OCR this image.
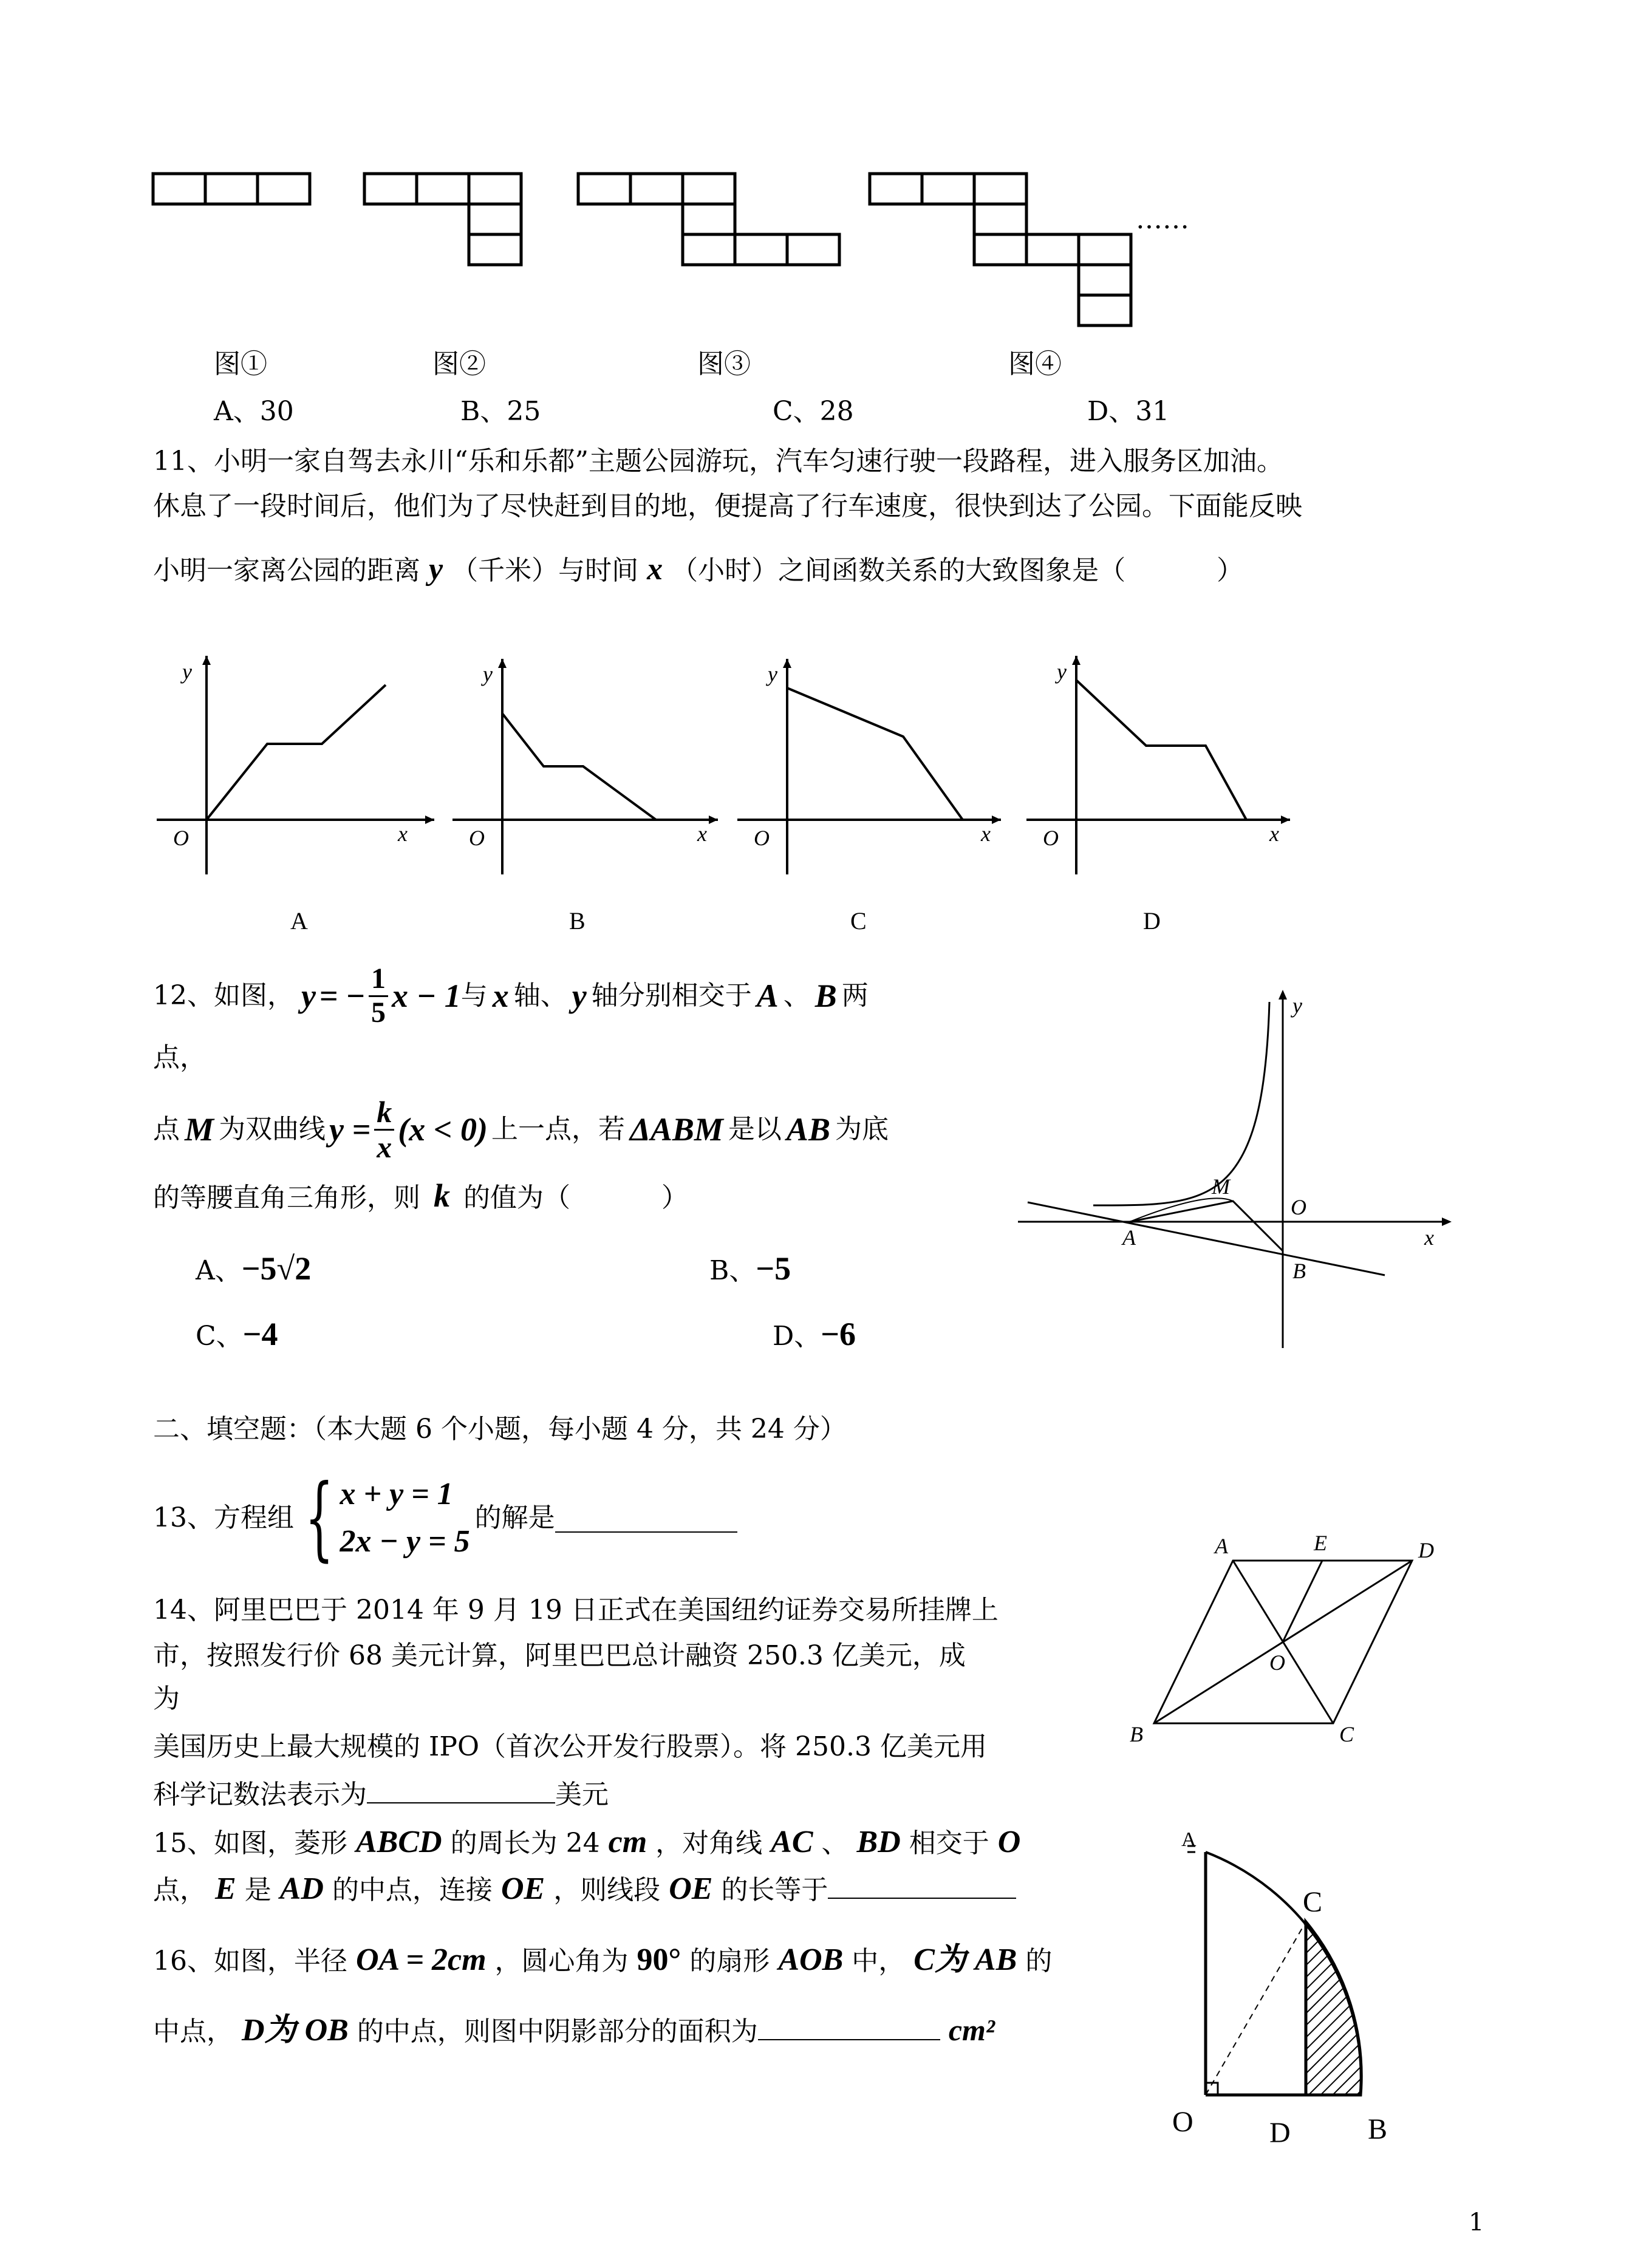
……
图①	图②	图③	图④
A、30	B、25	C、28	D、31
11、小明一家自驾去永川“乐和乐都”主题公园游玩，汽车匀速行驶一段路程，进入服务区加油。
休息了一段时间后，他们为了尽快赶到目的地，便提高了行车速度，很快到达了公园。下面能反映
小明一家离公园的距离 y （千米）与时间 x （小时）之间函数关系的大致图象是（	）
y
x
O
y
x
O
y
x
O
y
x
O
A	B	C	D
12、如图， y = − $\frac{1}{5}$ x − 1 与 x 轴、 y 轴分别相交于 A 、 B 两
点，
点 M 为双曲线 $y = \frac{k}{x} (x < 0)$ 上一点，若 ΔABM 是以 AB 为底
的等腰直角三角形，则 k 的值为（	）
A、−5√2	B、−5
C、−4	D、−6
y
M
O
A
B
x
二、填空题：（本大题 6 个小题，每小题 4 分，共 24 分）
13、方程组 { x + y = 1
2x − y = 5
的解是
14、阿里巴巴于 2014 年 9 月 19 日正式在美国纽约证券交易所挂牌上
市，按照发行价 68 美元计算，阿里巴巴总计融资 250.3 亿美元，成
为
美国历史上最大规模的 IPO（首次公开发行股票）。将 250.3 亿美元用
科学记数法表示为	美元
A	E	D
O
B	C
15、如图，菱形 ABCD 的周长为 24 cm ，对角线 AC 、 BD 相交于 O
点， E 是 AD 的中点，连接 OE ，则线段 OE 的长等于
16、如图，半径 OA = 2cm ，圆心角为 90° 的扇形 AOB 中， C为 AB 的
中点， D为 OB 的中点，则图中阴影部分的面积为	cm²
A
C
O	D	B
1
